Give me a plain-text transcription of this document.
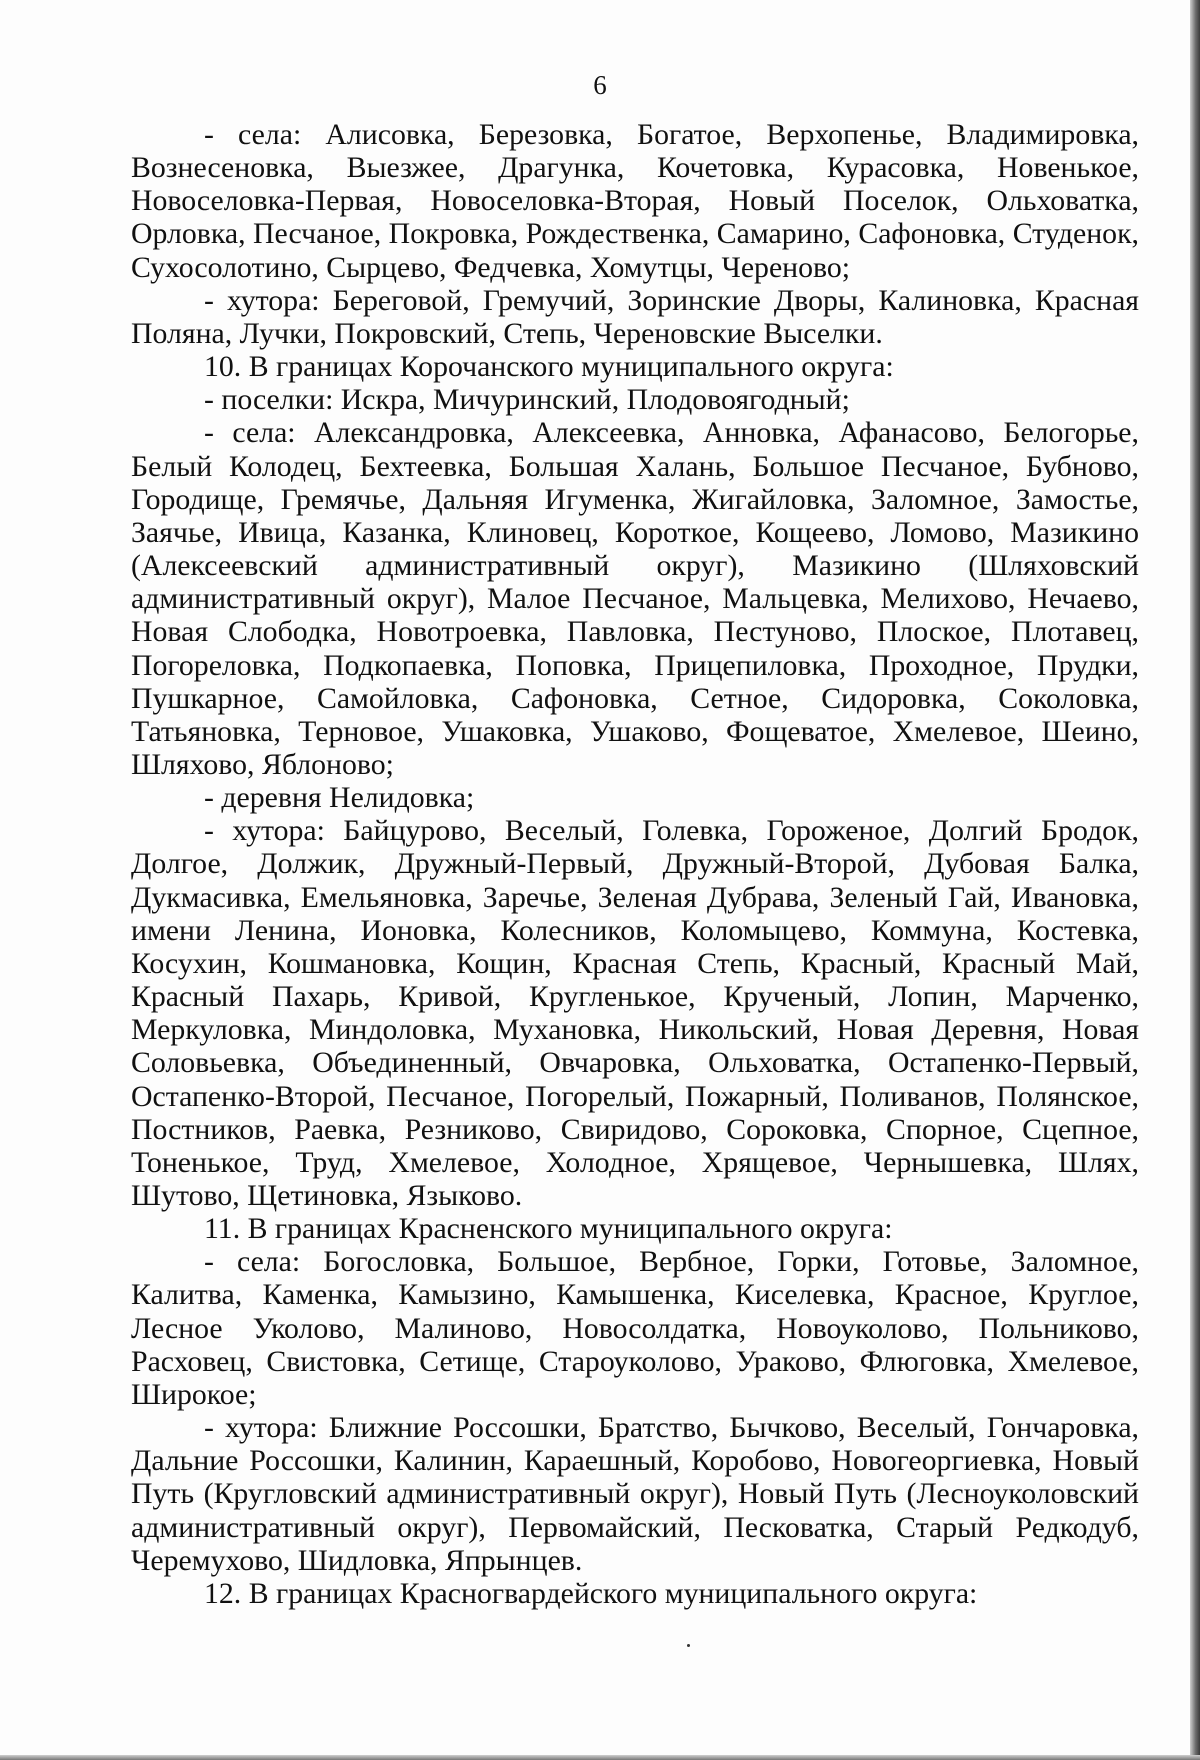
6

- села: Алисовка, Березовка, Богатое, Верхопенье, Владимировка, Вознесеновка, Выезжее, Драгунка, Кочетовка, Курасовка, Новенькое, Новоселовка-Первая, Новоселовка-Вторая, Новый Поселок, Ольховатка, Орловка, Песчаное, Покровка, Рождественка, Самарино, Сафоновка, Студенок, Сухосолотино, Сырцево, Федчевка, Хомутцы, Череново;

- хутора: Береговой, Гремучий, Зоринские Дворы, Калиновка, Красная Поляна, Лучки, Покровский, Степь, Череновские Выселки.

10. В границах Корочанского муниципального округа:

- поселки: Искра, Мичуринский, Плодовоягодный;

- села: Александровка, Алексеевка, Анновка, Афанасово, Белогорье, Белый Колодец, Бехтеевка, Большая Халань, Большое Песчаное, Бубново, Городище, Гремячье, Дальняя Игуменка, Жигайловка, Заломное, Замостье, Заячье, Ивица, Казанка, Клиновец, Короткое, Кощеево, Ломово, Мазикино (Алексеевский административный округ), Мазикино (Шляховский административный округ), Малое Песчаное, Мальцевка, Мелихово, Нечаево, Новая Слободка, Новотроевка, Павловка, Пестуново, Плоское, Плотавец, Погореловка, Подкопаевка, Поповка, Прицепиловка, Проходное, Прудки, Пушкарное, Самойловка, Сафоновка, Сетное, Сидоровка, Соколовка, Татьяновка, Терновое, Ушаковка, Ушаково, Фощеватое, Хмелевое, Шеино, Шляхово, Яблоново;

- деревня Нелидовка;

- хутора: Байцурово, Веселый, Голевка, Гороженое, Долгий Бродок, Долгое, Должик, Дружный-Первый, Дружный-Второй, Дубовая Балка, Дукмасивка, Емельяновка, Заречье, Зеленая Дубрава, Зеленый Гай, Ивановка, имени Ленина, Ионовка, Колесников, Коломыцево, Коммуна, Костевка, Косухин, Кошмановка, Кощин, Красная Степь, Красный, Красный Май, Красный Пахарь, Кривой, Кругленькое, Крученый, Лопин, Марченко, Меркуловка, Миндоловка, Мухановка, Никольский, Новая Деревня, Новая Соловьевка, Объединенный, Овчаровка, Ольховатка, Остапенко-Первый, Остапенко-Второй, Песчаное, Погорелый, Пожарный, Поливанов, Полянское, Постников, Раевка, Резниково, Свиридово, Сороковка, Спорное, Сцепное, Тоненькое, Труд, Хмелевое, Холодное, Хрящевое, Чернышевка, Шлях, Шутово, Щетиновка, Языково.

11. В границах Красненского муниципального округа:

- села: Богословка, Большое, Вербное, Горки, Готовье, Заломное, Калитва, Каменка, Камызино, Камышенка, Киселевка, Красное, Круглое, Лесное Уколово, Малиново, Новосолдатка, Новоуколово, Польниково, Расховец, Свистовка, Сетище, Староуколово, Ураково, Флюговка, Хмелевое, Широкое;

- хутора: Ближние Россошки, Братство, Бычково, Веселый, Гончаровка, Дальние Россошки, Калинин, Караешный, Коробово, Новогеоргиевка, Новый Путь (Кругловский административный округ), Новый Путь (Лесноуколовский административный округ), Первомайский, Песковатка, Старый Редкодуб, Черемухово, Шидловка, Япрынцев.

12. В границах Красногвардейского муниципального округа:
